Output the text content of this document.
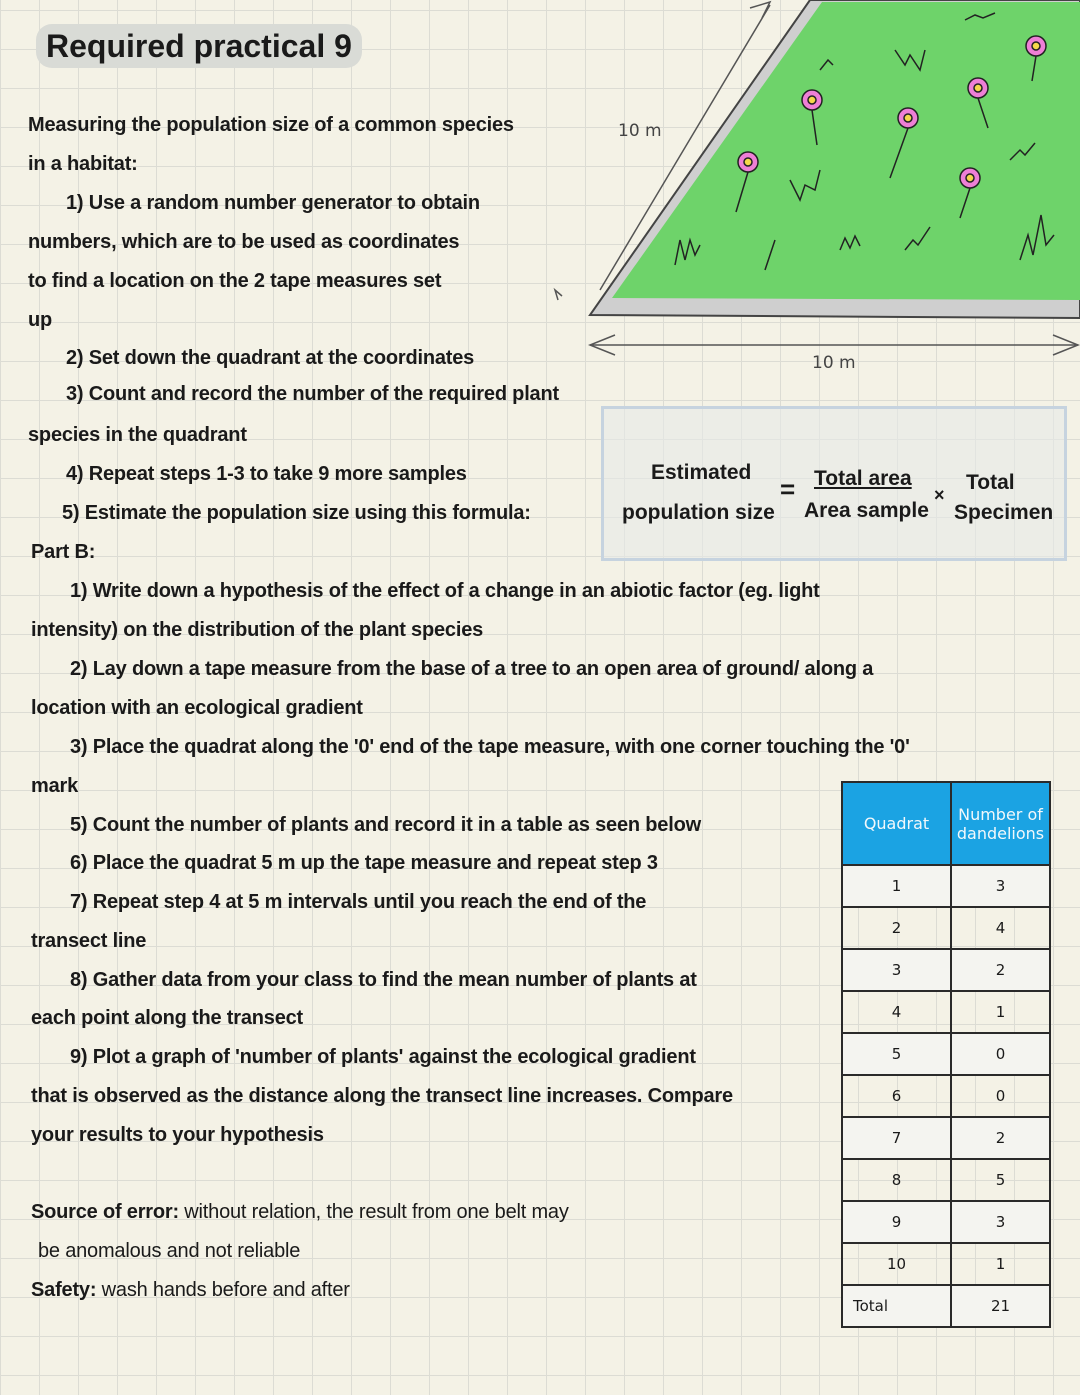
Required practical 9
Measuring the population size of a common species
in a habitat:
1) Use a random number generator to obtain
numbers, which are to be used as coordinates
to find a location on the 2 tape measures set
up
2) Set down the quadrant at the coordinates
3) Count and record the number of the required plant
species in the quadrant
4) Repeat steps 1-3 to take 9 more samples
5) Estimate the population size using this formula:
10 m
10 m
Estimated
population size
= Total area
Area sample
×
Total
Specimen
Part B:
1) Write down a hypothesis of the effect of a change in an abiotic factor (eg. light
intensity) on the distribution of the plant species
2) Lay down a tape measure from the base of a tree to an open area of ground/ along a
location with an ecological gradient
3) Place the quadrat along the '0' end of the tape measure, with one corner touching the '0'
mark
5) Count the number of plants and record it in a table as seen below
6) Place the quadrat 5 m up the tape measure and repeat step 3
7) Repeat step 4 at 5 m intervals until you reach the end of the
transect line
8) Gather data from your class to find the mean number of plants at
each point along the transect
9) Plot a graph of 'number of plants' against the ecological gradient
that is observed as the distance along the transect line increases. Compare
your results to your hypothesis
Source of error: without relation, the result from one belt may
be anomalous and not reliable
Safety: wash hands before and after
Quadrat	Number of dandelions
1	3
2	4
3	2
4	1
5	0
6	0
7	2
8	5
9	3
10	1
Total	21
